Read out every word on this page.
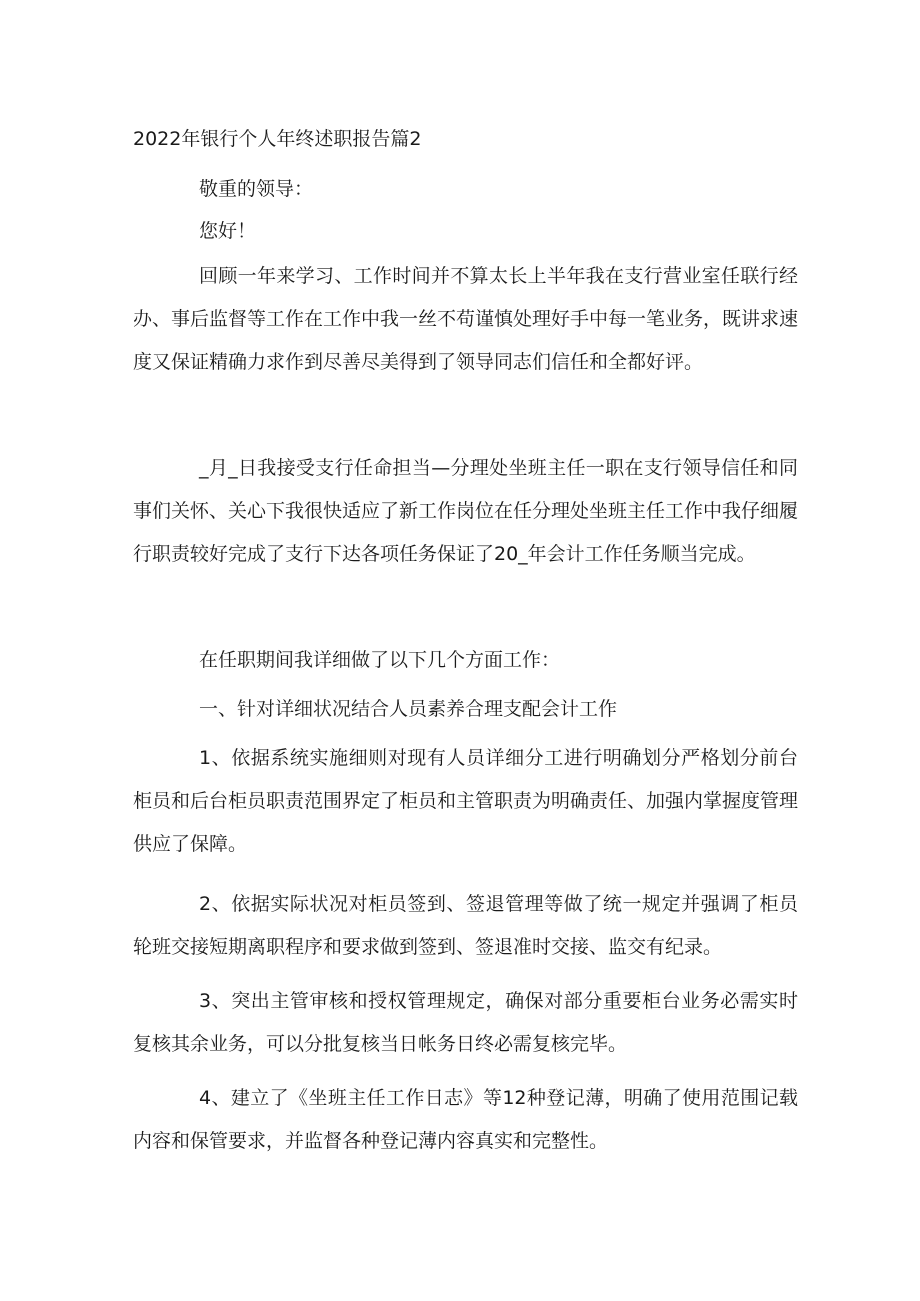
2022年银行个人年终述职报告篇2

敬重的领导：

您好！

回顾一年来学习、工作时间并不算太长上半年我在支行营业室任联行经办、事后监督等工作在工作中我一丝不苟谨慎处理好手中每一笔业务，既讲求速度又保证精确力求作到尽善尽美得到了领导同志们信任和全都好评。

_月_日我接受支行任命担当—分理处坐班主任一职在支行领导信任和同事们关怀、关心下我很快适应了新工作岗位在任分理处坐班主任工作中我仔细履行职责较好完成了支行下达各项任务保证了20_年会计工作任务顺当完成。

在任职期间我详细做了以下几个方面工作：

一、针对详细状况结合人员素养合理支配会计工作

1、依据系统实施细则对现有人员详细分工进行明确划分严格划分前台柜员和后台柜员职责范围界定了柜员和主管职责为明确责任、加强内掌握度管理供应了保障。

2、依据实际状况对柜员签到、签退管理等做了统一规定并强调了柜员轮班交接短期离职程序和要求做到签到、签退准时交接、监交有纪录。

3、突出主管审核和授权管理规定，确保对部分重要柜台业务必需实时复核其余业务，可以分批复核当日帐务日终必需复核完毕。

4、建立了《坐班主任工作日志》等12种登记薄，明确了使用范围记载内容和保管要求，并监督各种登记薄内容真实和完整性。
